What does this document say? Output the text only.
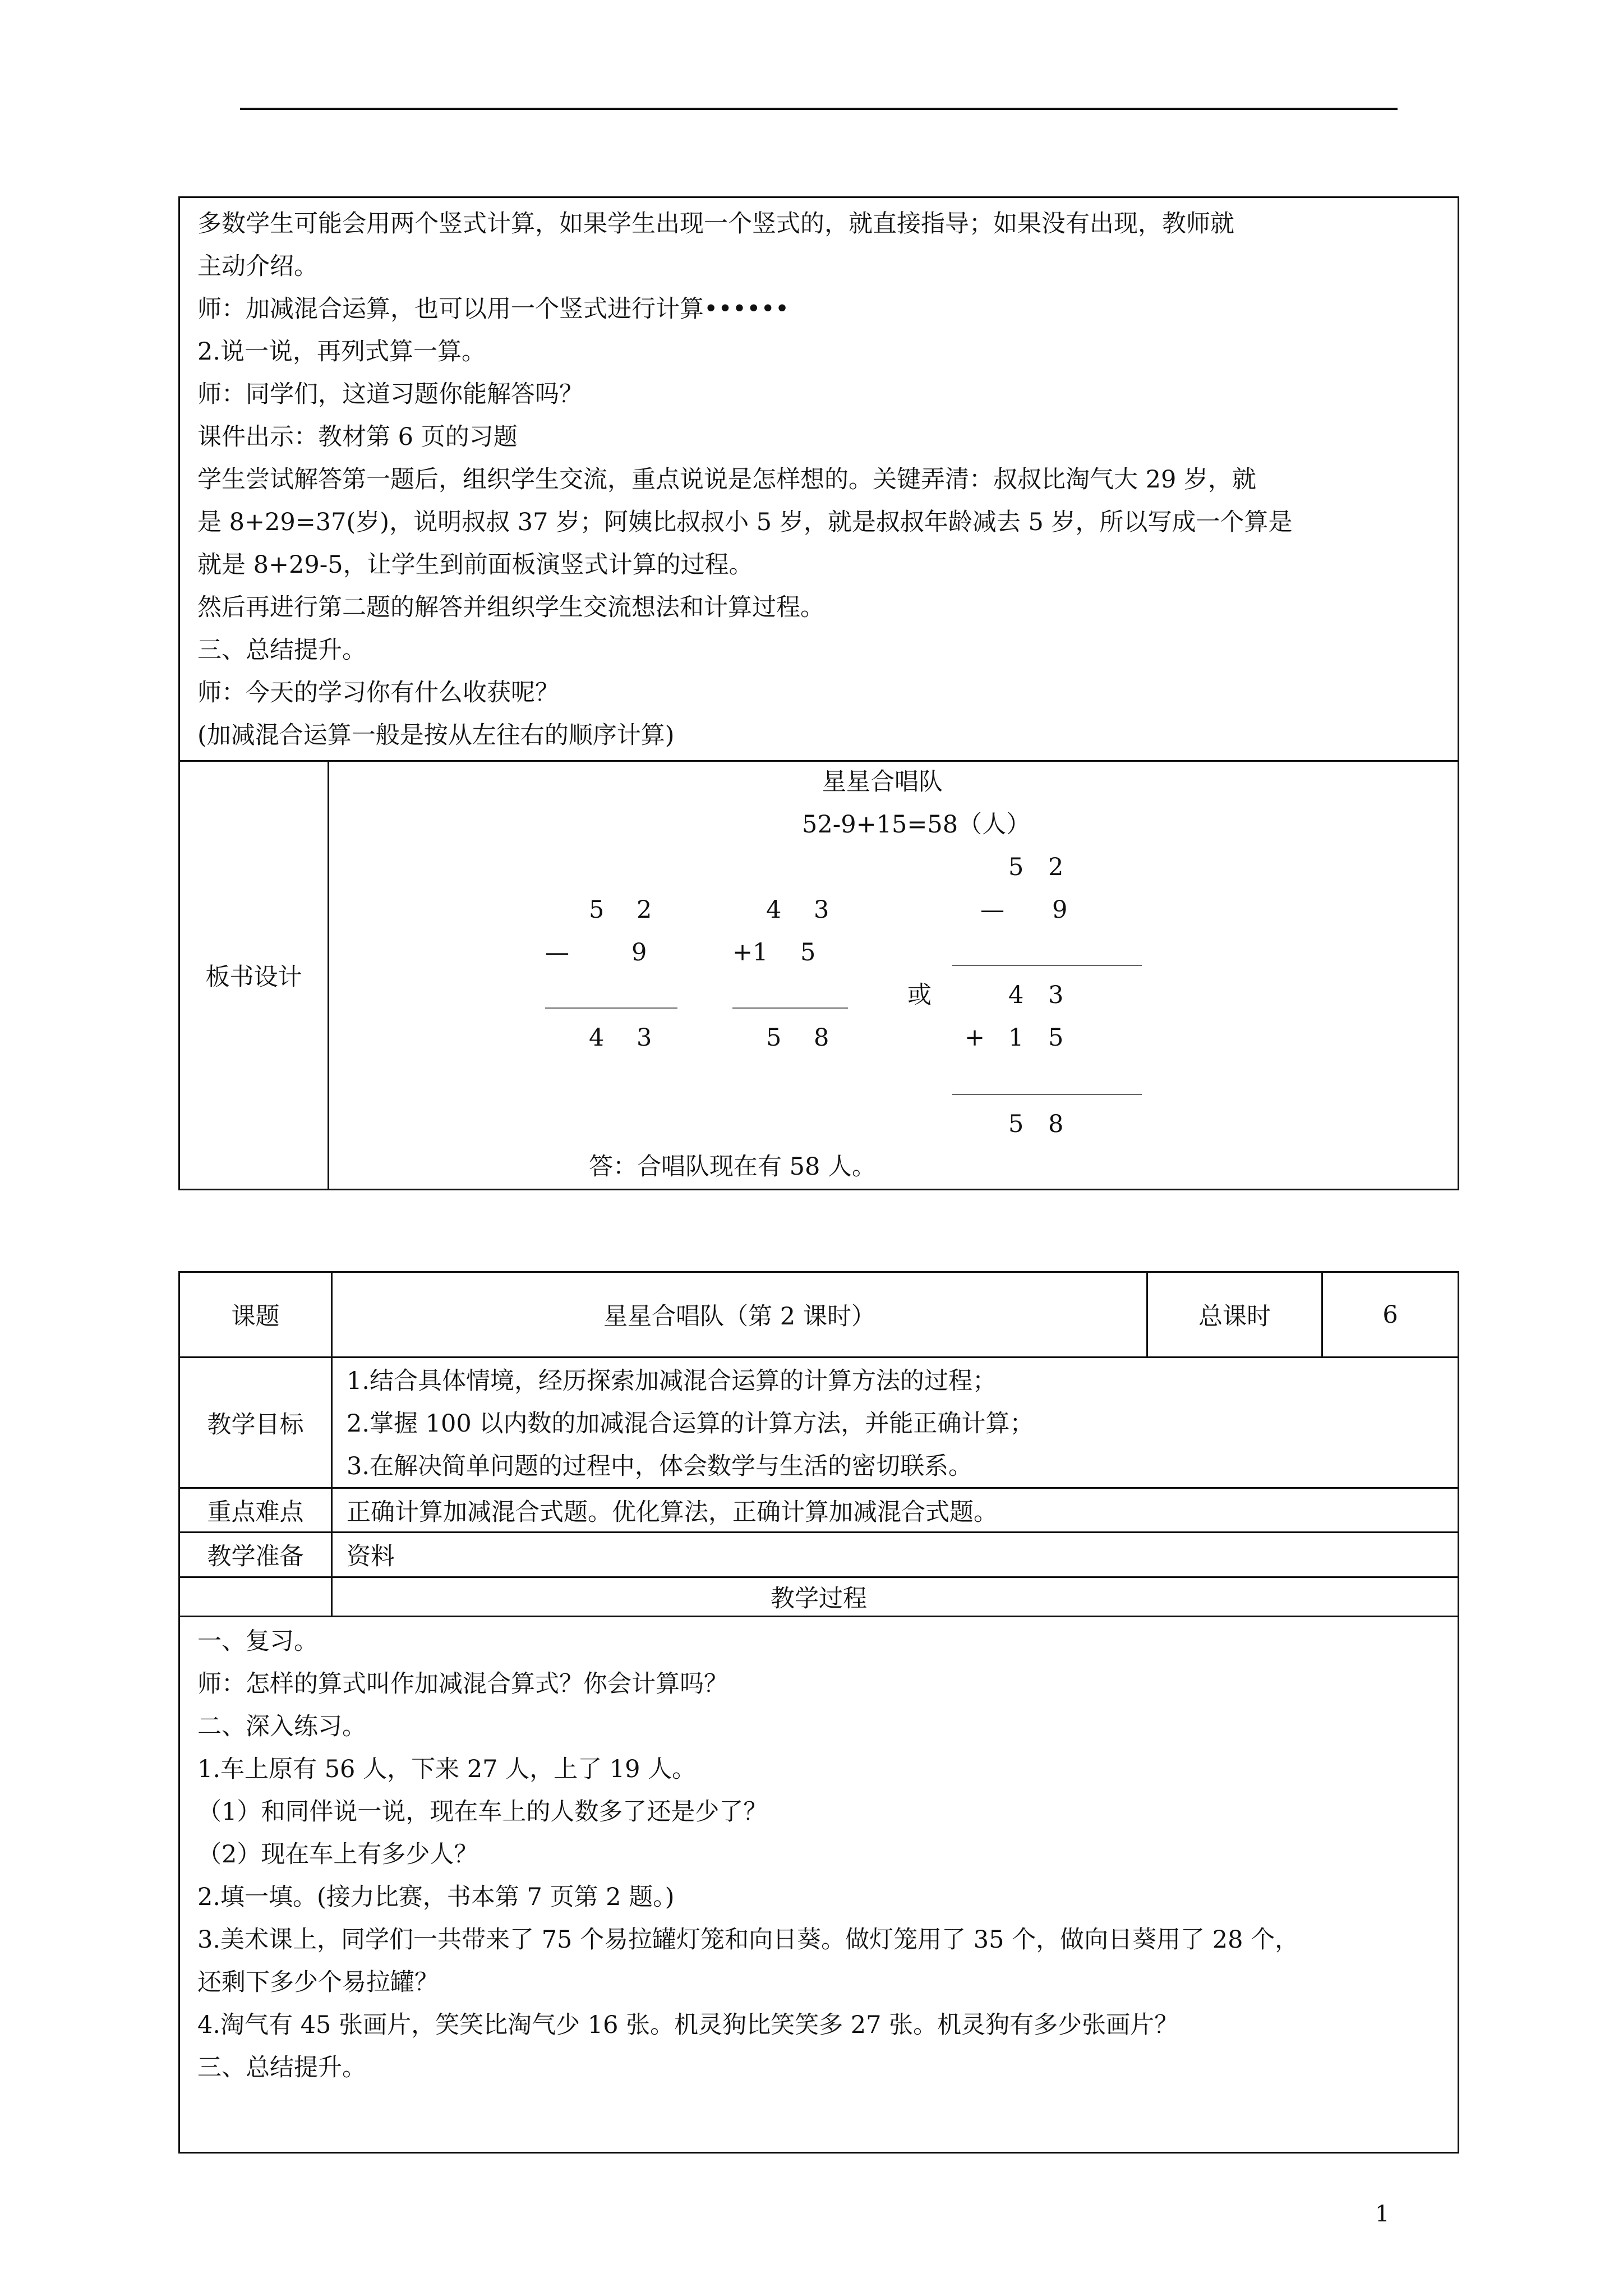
多数学生可能会用两个竖式计算，如果学生出现一个竖式的，就直接指导；如果没有出现，教师就
主动介绍。
师：加减混合运算，也可以用一个竖式进行计算••••••
2.说一说，再列式算一算。
师：同学们，这道习题你能解答吗？
课件出示：教材第 6 页的习题
学生尝试解答第一题后，组织学生交流，重点说说是怎样想的。关键弄清：叔叔比淘气大 29 岁，就
是 8+29=37(岁)，说明叔叔 37 岁；阿姨比叔叔小 5 岁，就是叔叔年龄减去 5 岁，所以写成一个算是
就是 8+29-5，让学生到前面板演竖式计算的过程。
然后再进行第二题的解答并组织学生交流想法和计算过程。
三、总结提升。
师：今天的学习你有什么收获呢？
(加减混合运算一般是按从左往右的顺序计算)
板书设计
星星合唱队
52-9+15=58（人）
5 2
—	9
4 3
4 3
+ 1 5
5 8
或
5 2
— 9
4 3
+ 1 5
5 8
答：合唱队现在有 58 人。
课题	星星合唱队（第 2 课时）	总课时	6
教学目标
1.结合具体情境，经历探索加减混合运算的计算方法的过程；
2.掌握 100 以内数的加减混合运算的计算方法，并能正确计算；
3.在解决简单问题的过程中，体会数学与生活的密切联系。
重点难点	正确计算加减混合式题。优化算法，正确计算加减混合式题。
教学准备	资料
教学过程
一、复习。
师：怎样的算式叫作加减混合算式？你会计算吗？
二、深入练习。
1.车上原有 56 人，下来 27 人，上了 19 人。
（1）和同伴说一说，现在车上的人数多了还是少了？
（2）现在车上有多少人？
2.填一填。(接力比赛，书本第 7 页第 2 题。)
3.美术课上，同学们一共带来了 75 个易拉罐灯笼和向日葵。做灯笼用了 35 个，做向日葵用了 28 个，
还剩下多少个易拉罐？
4.淘气有 45 张画片，笑笑比淘气少 16 张。机灵狗比笑笑多 27 张。机灵狗有多少张画片？
三、总结提升。
1
